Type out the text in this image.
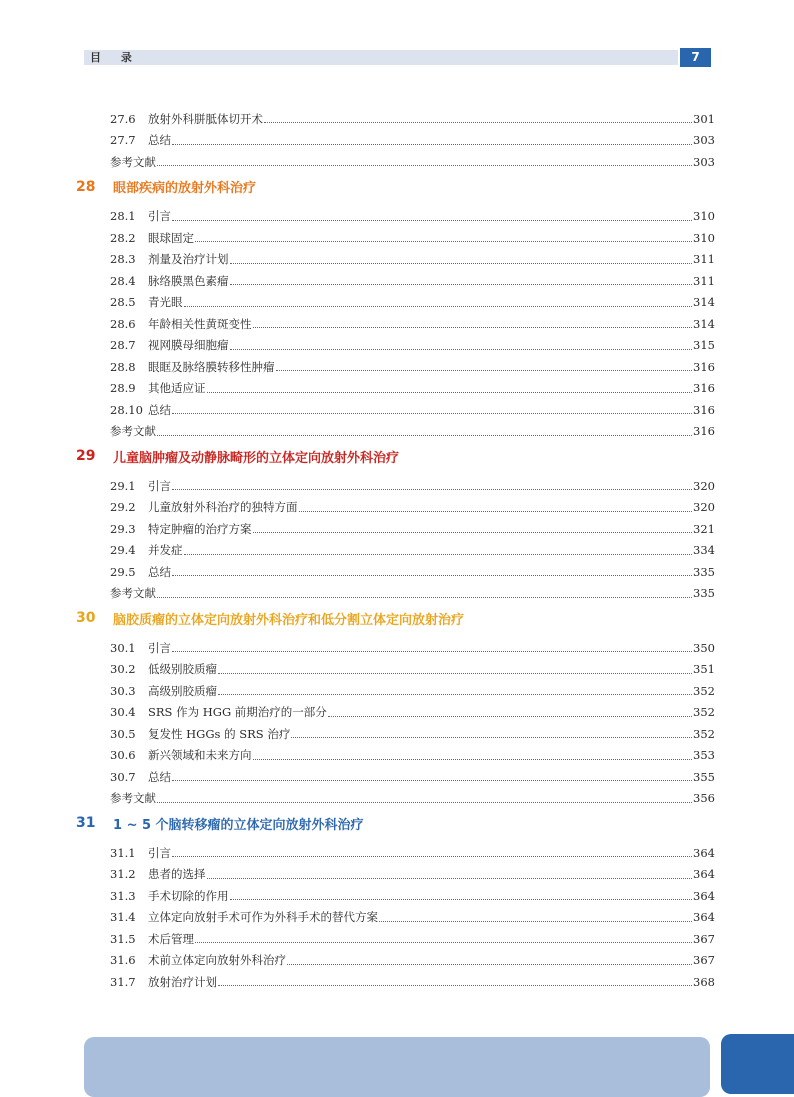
目 录	7
27.6	放射外科胼胝体切开术	301
27.7	总结	303
参考文献	303
28	眼部疾病的放射外科治疗
28.1	引言	310
28.2	眼球固定	310
28.3	剂量及治疗计划	311
28.4	脉络膜黑色素瘤	311
28.5	青光眼	314
28.6	年龄相关性黄斑变性	314
28.7	视网膜母细胞瘤	315
28.8	眼眶及脉络膜转移性肿瘤	316
28.9	其他适应证	316
28.10 总结	316
参考文献	316
29	儿童脑肿瘤及动静脉畸形的立体定向放射外科治疗
29.1	引言	320
29.2	儿童放射外科治疗的独特方面	320
29.3	特定肿瘤的治疗方案	321
29.4	并发症	334
29.5	总结	335
参考文献	335
30	脑胶质瘤的立体定向放射外科治疗和低分割立体定向放射治疗
30.1	引言	350
30.2	低级别胶质瘤	351
30.3	高级别胶质瘤	352
30.4	SRS 作为 HGG 前期治疗的一部分	352
30.5	复发性 HGGs 的 SRS 治疗	352
30.6	新兴领域和未来方向	353
30.7	总结	355
参考文献	356
31	1 ~ 5 个脑转移瘤的立体定向放射外科治疗
31.1	引言	364
31.2	患者的选择	364
31.3	手术切除的作用	364
31.4	立体定向放射手术可作为外科手术的替代方案	364
31.5	术后管理	367
31.6	术前立体定向放射外科治疗	367
31.7	放射治疗计划	368
